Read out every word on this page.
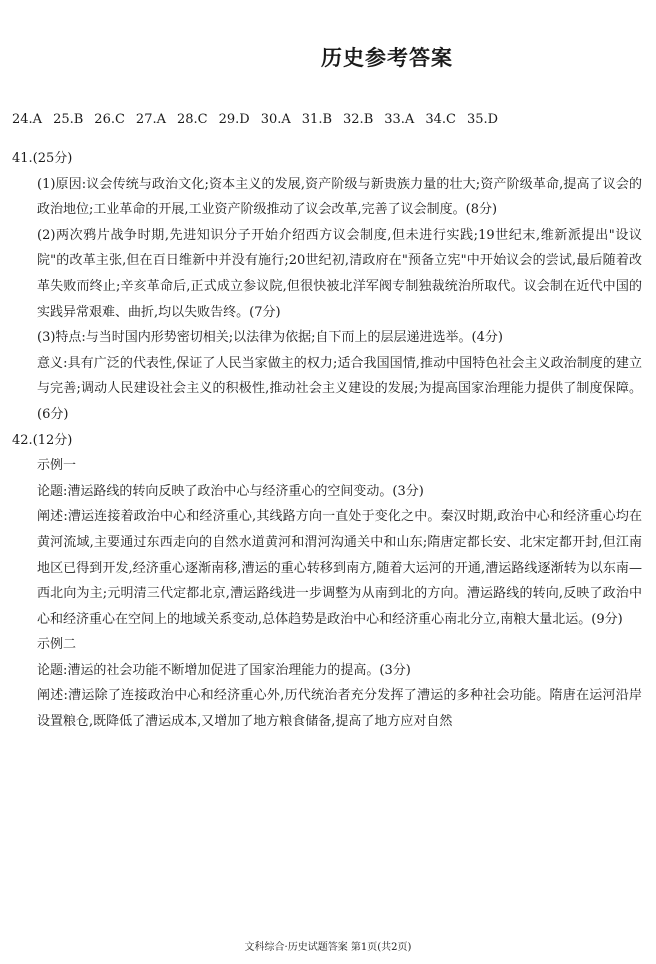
历史参考答案
24.A 25.B 26.C 27.A 28.C 29.D 30.A 31.B 32.B 33.A 34.C 35.D
41.(25分)
(1)原因:议会传统与政治文化;资本主义的发展,资产阶级与新贵族力量的壮大;资产阶级革命,提高了议会的政治地位;工业革命的开展,工业资产阶级推动了议会改革,完善了议会制度。(8分)
(2)两次鸦片战争时期,先进知识分子开始介绍西方议会制度,但未进行实践;19世纪末,维新派提出"设议院"的改革主张,但在百日维新中并没有施行;20世纪初,清政府在"预备立宪"中开始议会的尝试,最后随着改革失败而终止;辛亥革命后,正式成立参议院,但很快被北洋军阀专制独裁统治所取代。议会制在近代中国的实践异常艰难、曲折,均以失败告终。(7分)
(3)特点:与当时国内形势密切相关;以法律为依据;自下而上的层层递进选举。(4分)
意义:具有广泛的代表性,保证了人民当家做主的权力;适合我国国情,推动中国特色社会主义政治制度的建立与完善;调动人民建设社会主义的积极性,推动社会主义建设的发展;为提高国家治理能力提供了制度保障。(6分)
42.(12分)
示例一
论题:漕运路线的转向反映了政治中心与经济重心的空间变动。(3分)
阐述:漕运连接着政治中心和经济重心,其线路方向一直处于变化之中。秦汉时期,政治中心和经济重心均在黄河流域,主要通过东西走向的自然水道黄河和渭河沟通关中和山东;隋唐定都长安、北宋定都开封,但江南地区已得到开发,经济重心逐渐南移,漕运的重心转移到南方,随着大运河的开通,漕运路线逐渐转为以东南—西北向为主;元明清三代定都北京,漕运路线进一步调整为从南到北的方向。漕运路线的转向,反映了政治中心和经济重心在空间上的地域关系变动,总体趋势是政治中心和经济重心南北分立,南粮大量北运。(9分)
示例二
论题:漕运的社会功能不断增加促进了国家治理能力的提高。(3分)
阐述:漕运除了连接政治中心和经济重心外,历代统治者充分发挥了漕运的多种社会功能。隋唐在运河沿岸设置粮仓,既降低了漕运成本,又增加了地方粮食储备,提高了地方应对自然
文科综合·历史试题答案 第1页(共2页)
